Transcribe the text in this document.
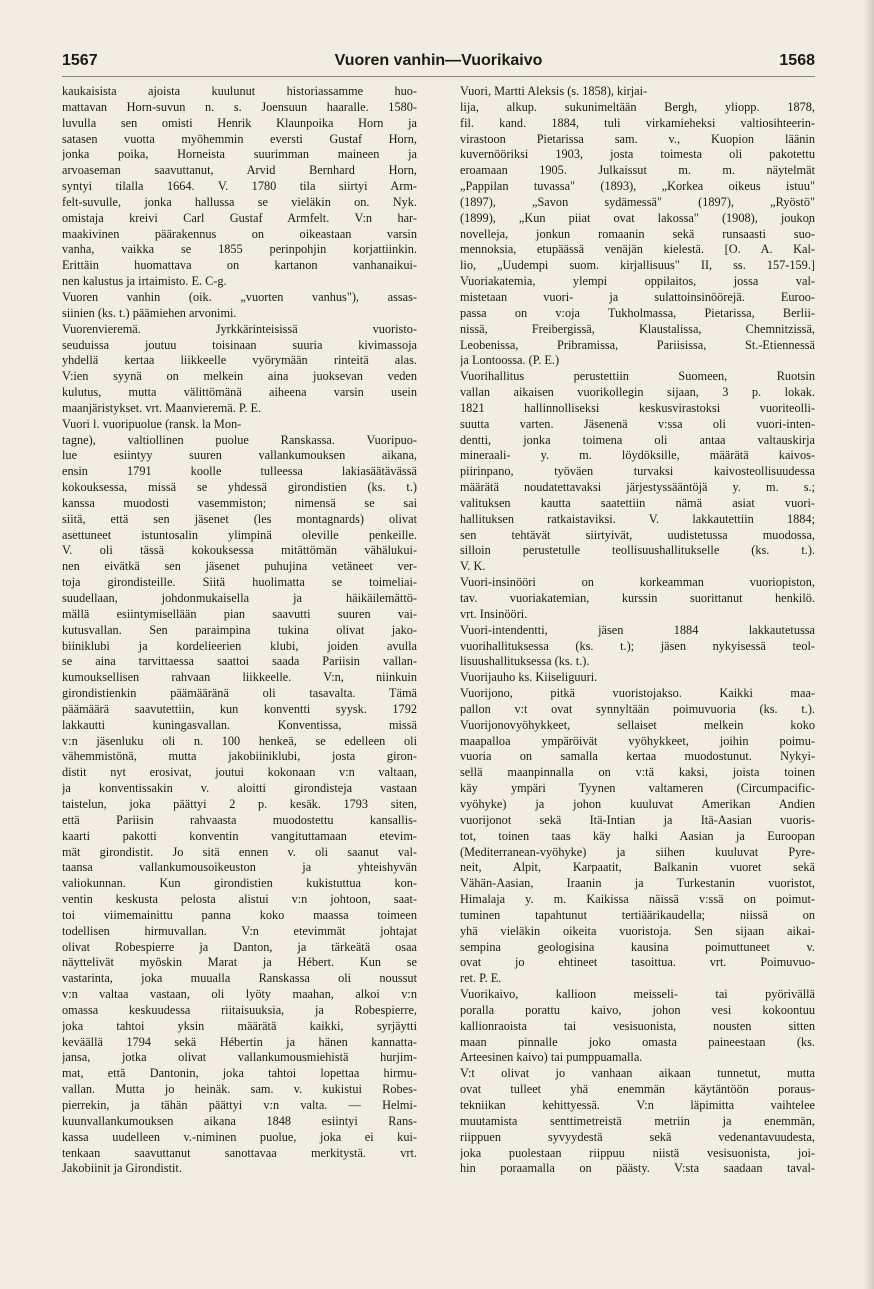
1567	Vuoren vanhin—Vuorikaivo	1568
kaukaisista ajoista kuulunut historiassamme huo-
mattavan Horn-suvun n. s. Joensuun haaralle. 1580-
luvulla sen omisti Henrik Klaunpoika Horn ja
satasen vuotta myöhemmin eversti Gustaf Horn,
jonka poika, Horneista suurimman maineen ja
arvoaseman saavuttanut, Arvid Bernhard Horn,
syntyi tilalla 1664. V. 1780 tila siirtyi Arm-
felt-suvulle, jonka hallussa se vieläkin on. Nyk.
omistaja kreivi Carl Gustaf Armfelt. V:n har-
maakivinen päärakennus on oikeastaan varsin
vanha, vaikka se 1855 perinpohjin korjattiinkin.
Erittäin huomattava on kartanon vanhanaikui-
nen kalustus ja irtaimisto. E. C-g.
Vuoren vanhin (oik. „vuorten vanhus"), assas-
siinien (ks. t.) päämiehen arvonimi.
Vuorenvieremä. Jyrkkärinteisissä vuoristo-
seuduissa joutuu toisinaan suuria kivimassoja
yhdellä kertaa liikkeelle vyörymään rinteitä alas.
V:ien syynä on melkein aina juoksevan veden
kulutus, mutta välittömänä aiheena varsin usein
maanjäristykset. vrt. Maanvieremä. P. E.
Vuori l. vuoripuolue (ransk. la Mon-
tagne), valtiollinen puolue Ranskassa. Vuoripuo-
lue esiintyy suuren vallankumouksen aikana,
ensin 1791 koolle tulleessa lakiasäätävässä
kokouksessa, missä se yhdessä girondistien (ks. t.)
kanssa muodosti vasemmiston; nimensä se sai
siitä, että sen jäsenet (les montagnards) olivat
asettuneet istuntosalin ylimpinä oleville penkeille.
V. oli tässä kokouksessa mitättömän vähälukui-
nen eivätkä sen jäsenet puhujina vetäneet ver-
toja girondisteille. Siitä huolimatta se toimeliai-
suudellaan, johdonmukaisella ja häikäilemättö-
mällä esiintymisellään pian saavutti suuren vai-
kutusvallan. Sen paraimpina tukina olivat jako-
biiniklubi ja kordelieerien klubi, joiden avulla
se aina tarvittaessa saattoi saada Pariisin vallan-
kumouksellisen rahvaan liikkeelle. V:n, niinkuin
girondistienkin päämääränä oli tasavalta. Tämä
päämäärä saavutettiin, kun konventti syysk. 1792
lakkautti kuningasvallan. Konventissa, missä
v:n jäsenluku oli n. 100 henkeä, se edelleen oli
vähemmistönä, mutta jakobiiniklubi, josta giron-
distit nyt erosivat, joutui kokonaan v:n valtaan,
ja konventissakin v. aloitti girondisteja vastaan
taistelun, joka päättyi 2 p. kesäk. 1793 siten,
että Pariisin rahvaasta muodostettu kansallis-
kaarti pakotti konventin vangituttamaan etevim-
mät girondistit. Jo sitä ennen v. oli saanut val-
taansa vallankumousoikeuston ja yhteishyvän
valiokunnan. Kun girondistien kukistuttua kon-
ventin keskusta pelosta alistui v:n johtoon, saat-
toi viimemainittu panna koko maassa toimeen
todellisen hirmuvallan. V:n etevimmät johtajat
olivat Robespierre ja Danton, ja tärkeätä osaa
näyttelivät myöskin Marat ja Hébert. Kun se
vastarinta, joka muualla Ranskassa oli noussut
v:n valtaa vastaan, oli lyöty maahan, alkoi v:n
omassa keskuudessa riitaisuuksia, ja Robespierre,
joka tahtoi yksin määrätä kaikki, syrjäytti
keväällä 1794 sekä Hébertin ja hänen kannatta-
jansa, jotka olivat vallankumousmiehistä hurjim-
mat, että Dantonin, joka tahtoi lopettaa hirmu-
vallan. Mutta jo heinäk. sam. v. kukistui Robes-
pierrekin, ja tähän päättyi v:n valta. — Helmi-
kuunvallankumouksen aikana 1848 esiintyi Rans-
kassa uudelleen v.-niminen puolue, joka ei kui-
tenkaan saavuttanut sanottavaa merkitystä. vrt.
Jakobiinit ja Girondistit.
Vuori, Martti Aleksis (s. 1858), kirjai-
lija, alkup. sukunimeltään Bergh, yliopp. 1878,
fil. kand. 1884, tuli virkamieheksi valtiosihteerin-
virastoon Pietarissa sam. v., Kuopion läänin
kuvernööriksi 1903, josta toimesta oli pakotettu
eroamaan 1905. Julkaissut m. m. näytelmät
„Pappilan tuvassa" (1893), „Korkea oikeus istuu"
(1897), „Savon sydämessä" (1897), „Ryöstö"
(1899), „Kun piiat ovat lakossa" (1908), jouko̧n
novelleja, jonkun romaanin sekä runsaasti suo-
mennoksia, etupäässä venäjän kielestä. [O. A. Kal-
lio, „Uudempi suom. kirjallisuus" II, ss. 157-159.]
Vuoriakatemia, ylempi oppilaitos, jossa val-
mistetaan vuori- ja sulattoinsinöörejä. Euroo-
passa on v:oja Tukholmassa, Pietarissa, Berlii-
nissä, Freibergissä, Klaustalissa, Chemnitzissä,
Leobenissa, Pribramissa, Pariisissa, St.-Etiennessä
ja Lontoossa. (P. E.)
Vuorihallitus perustettiin Suomeen, Ruotsin
vallan aikaisen vuorikollegin sijaan, 3 p. lokak.
1821 hallinnolliseksi keskusvirastoksi vuoriteolli-
suutta varten. Jäsenenä v:ssa oli vuori-inten-
dentti, jonka toimena oli antaa valtauskirja
mineraali- y. m. löydöksille, määrätä kaivos-
piirinpano, työväen turvaksi kaivosteollisuudessa
määrätä noudatettavaksi järjestyssääntöjä y. m. s.;
valituksen kautta saatettiin nämä asiat vuori-
hallituksen ratkaistaviksi. V. lakkautettiin 1884;
sen tehtävät siirtyivät, uudistetussa muodossa,
silloin perustetulle teollisuushallitukselle (ks. t.).
V. K.
Vuori-insinööri on korkeamman vuoriopiston,
tav. vuoriakatemian, kurssin suorittanut henkilö.
vrt. Insinööri.
Vuori-intendentti, jäsen 1884 lakkautetussa
vuorihallituksessa (ks. t.); jäsen nykyisessä teol-
lisuushallituksessa (ks. t.).
Vuorijauho ks. Kiiseliguuri.
Vuorijono, pitkä vuoristojakso. Kaikki maa-
pallon v:t ovat synnyltään poimuvuoria (ks. t.).
Vuorijonovyöhykkeet, sellaiset melkein koko
maapalloa ympäröivät vyöhykkeet, joihin poimu-
vuoria on samalla kertaa muodostunut. Nykyi-
sellä maanpinnalla on v:tä kaksi, joista toinen
käy ympäri Tyynen valtameren (Circumpacific-
vyöhyke) ja johon kuuluvat Amerikan Andien
vuorijonot sekä Itä-Intian ja Itä-Aasian vuoris-
tot, toinen taas käy halki Aasian ja Euroopan
(Mediterranean-vyöhyke) ja siihen kuuluvat Pyre-
neit, Alpit, Karpaatit, Balkanin vuoret sekä
Vähän-Aasian, Iraanin ja Turkestanin vuoristot,
Himalaja y. m. Kaikissa näissä v:ssä on poimut-
tuminen tapahtunut tertiäärikaudella; niissä on
yhä vieläkin oikeita vuoristoja. Sen sijaan aikai-
sempina geologisina kausina poimuttuneet v.
ovat jo ehtineet tasoittua. vrt. Poimuvuo-
ret. P. E.
Vuorikaivo, kallioon meisseli- tai pyörivällä
poralla porattu kaivo, johon vesi kokoontuu
kallionraoista tai vesisuonista, nousten sitten
maan pinnalle joko omasta paineestaan (ks.
Arteesinen kaivo) tai pumppuamalla.
V:t olivat jo vanhaan aikaan tunnetut, mutta
ovat tulleet yhä enemmän käytäntöön poraus-
tekniikan kehittyessä. V:n läpimitta vaihtelee
muutamista senttimetreistä metriin ja enemmän,
riippuen syvyydestä sekä vedenantavuudesta,
joka puolestaan riippuu niistä vesisuonista, joi-
hin poraamalla on päästy. V:sta saadaan taval-
